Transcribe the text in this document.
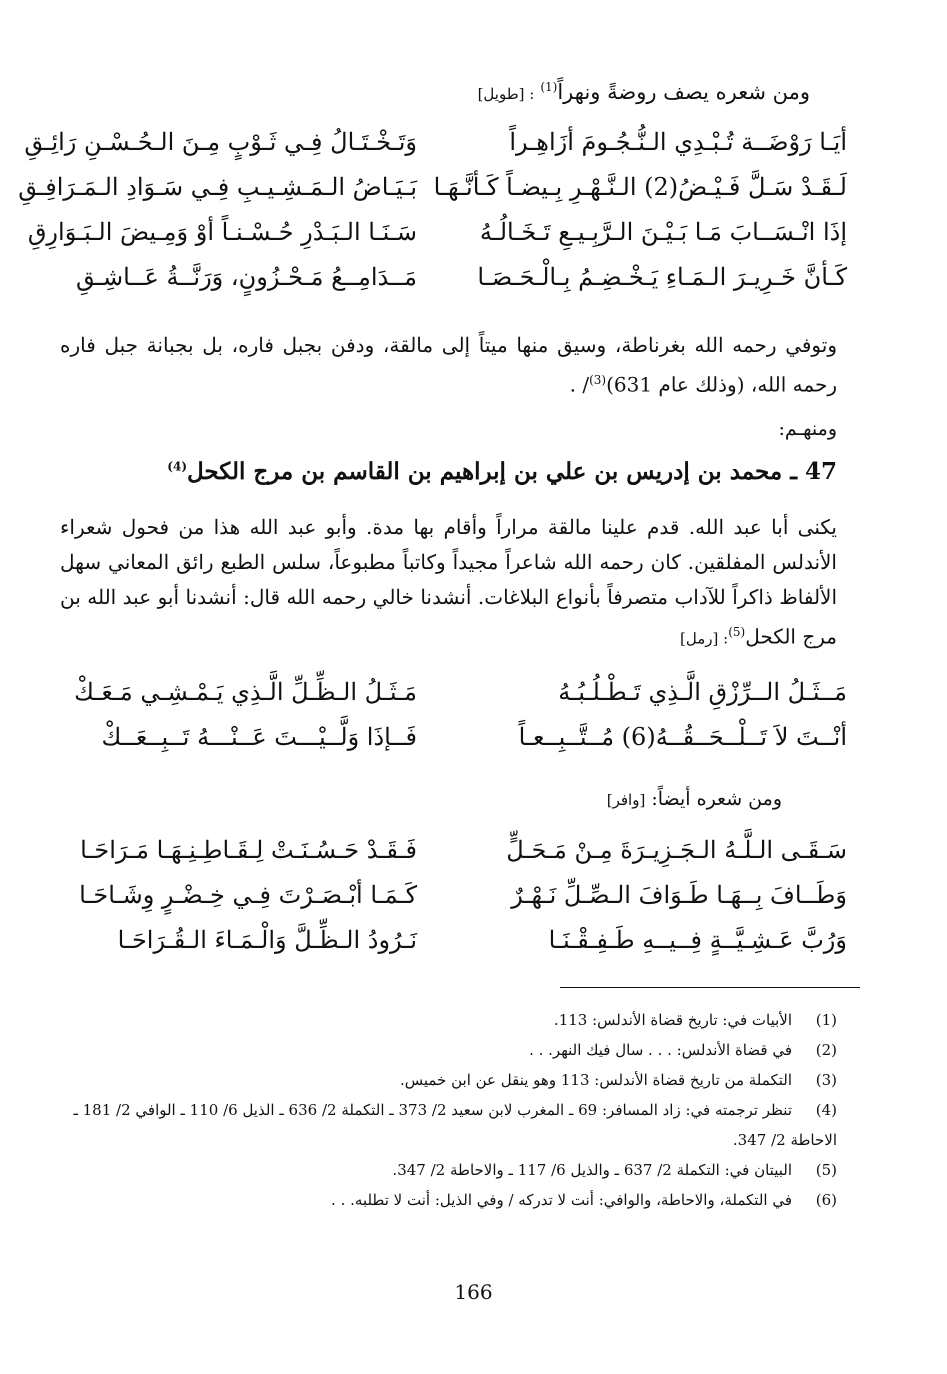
ومن شعره يصف روضةً ونهراً$^{(1)}$: [طويل]
أيَـا رَوْضَــة تُـبْـدِي الـنُّـجُـومَ أزَاهِـراً
وَتَـخْـتَـالُ فِـي ثَـوْبٍ مِـنَ الـحُـسْـنِ رَائِـقِ
لَـقَـدْ سَـلَّ فَـيْـضُ(2) الـنَّـهْـرِ بِـيضـاً كَـأنَّـهَـا
بَـيَـاضُ الـمَـشِـيـبِ فِـي سَـوَادِ الـمَـرَافِـقِ
إذَا انْـسَــابَ مَـا بَـيْـنَ الـرَّبِـيـعِ تَـخَـالُـهُ
سَـنَـا الـبَـدْرِ حُـسْـنـاً أوْ وَمِـيضَ الـبَـوَارِقِ
كَـأنَّ خَـرِيـرَ الـمَـاءِ يَـخْـضِـمُ بِـالْـحَـصَـا
مَــدَامِــعُ مَـحْـزُونٍ، وَرَنَّــةُ عَــاشِـقِ
وتوفي رحمه الله بغرناطة، وسيق منها ميتاً إلى مالقة، ودفن بجبل فاره، بل بجبانة جبل فاره رحمه الله، (وذلك عام 631)$^{(3)}$/ .
ومنهـم:
47 ـ محمد بن إدريس بن علي بن إبراهيم بن القاسم بن مرج الكحل$^{(4)}$
يكنى أبا عبد الله. قدم علينا مالقة مراراً وأقام بها مدة. وأبو عبد الله هذا من فحول شعراء الأندلس المفلقين. كان رحمه الله شاعراً مجيداً وكاتباً مطبوعاً، سلس الطبع رائق المعاني سهل الألفاظ ذاكراً للآداب متصرفاً بأنواع البلاغات. أنشدنا خالي رحمه الله قال: أنشدنا أبو عبد الله بن مرج الكحل$^{(5)}$: [رمل]
مَــثَـلُ الــرِّزْقِ الَّـذِي تَـطْـلُـبُـهُ
مَـثَـلُ الـظِّـلِّ الَّـذِي يَـمْـشِـي مَـعَـكْ
أنْــتَ لاَ تَــلْــحَــقُــهُ(6) مُــتَّــبِــعـاً
فَــإذَا وَلَّــيْـــتَ عَــنْـــهُ تَــبِــعَــكْ
ومن شعره أيضاً: [وافر]
سَـقَـى الـلَّـهُ الـجَـزِيـرَةَ مِـنْ مَـحَـلٍّ
فَـقَـدْ حَـسُـنَـتْ لِـقَـاطِـنِـهَـا مَـرَاحَـا
وَطَــافَ بِــهَـا طَـوَافَ الـصِّـلِّ نَـهْـرٌ
كَـمَـا أبْـصَـرْتَ فِـي خِـضْـرٍ وِشَـاحَـا
وَرُبَّ عَـشِـيَّــةٍ فِــيــهِ طَـفِـقْـنَـا
نَـرُودُ الـظِّـلَّ وَالْـمَـاءَ الـقُـرَاحَـا
(1)الأبيات في: تاريخ قضاة الأندلس: 113.
(2)في قضاة الأندلس: . . . سال فيك النهر. . .
(3)التكملة من تاريخ قضاة الأندلس: 113 وهو ينقل عن ابن خميس.
(4)تنظر ترجمته في: زاد المسافر: 69 ـ المغرب لابن سعيد 2/ 373 ـ التكملة 2/ 636 ـ الذيل 6/ 110 ـ الوافي 2/ 181 ـ الاحاطة 2/ 347.
(5)البيتان في: التكملة 2/ 637 ـ والذيل 6/ 117 ـ والاحاطة 2/ 347.
(6)في التكملة، والاحاطة، والوافي: أنت لا تدركه / وفي الذيل: أنت لا تطلبه. . .
166
